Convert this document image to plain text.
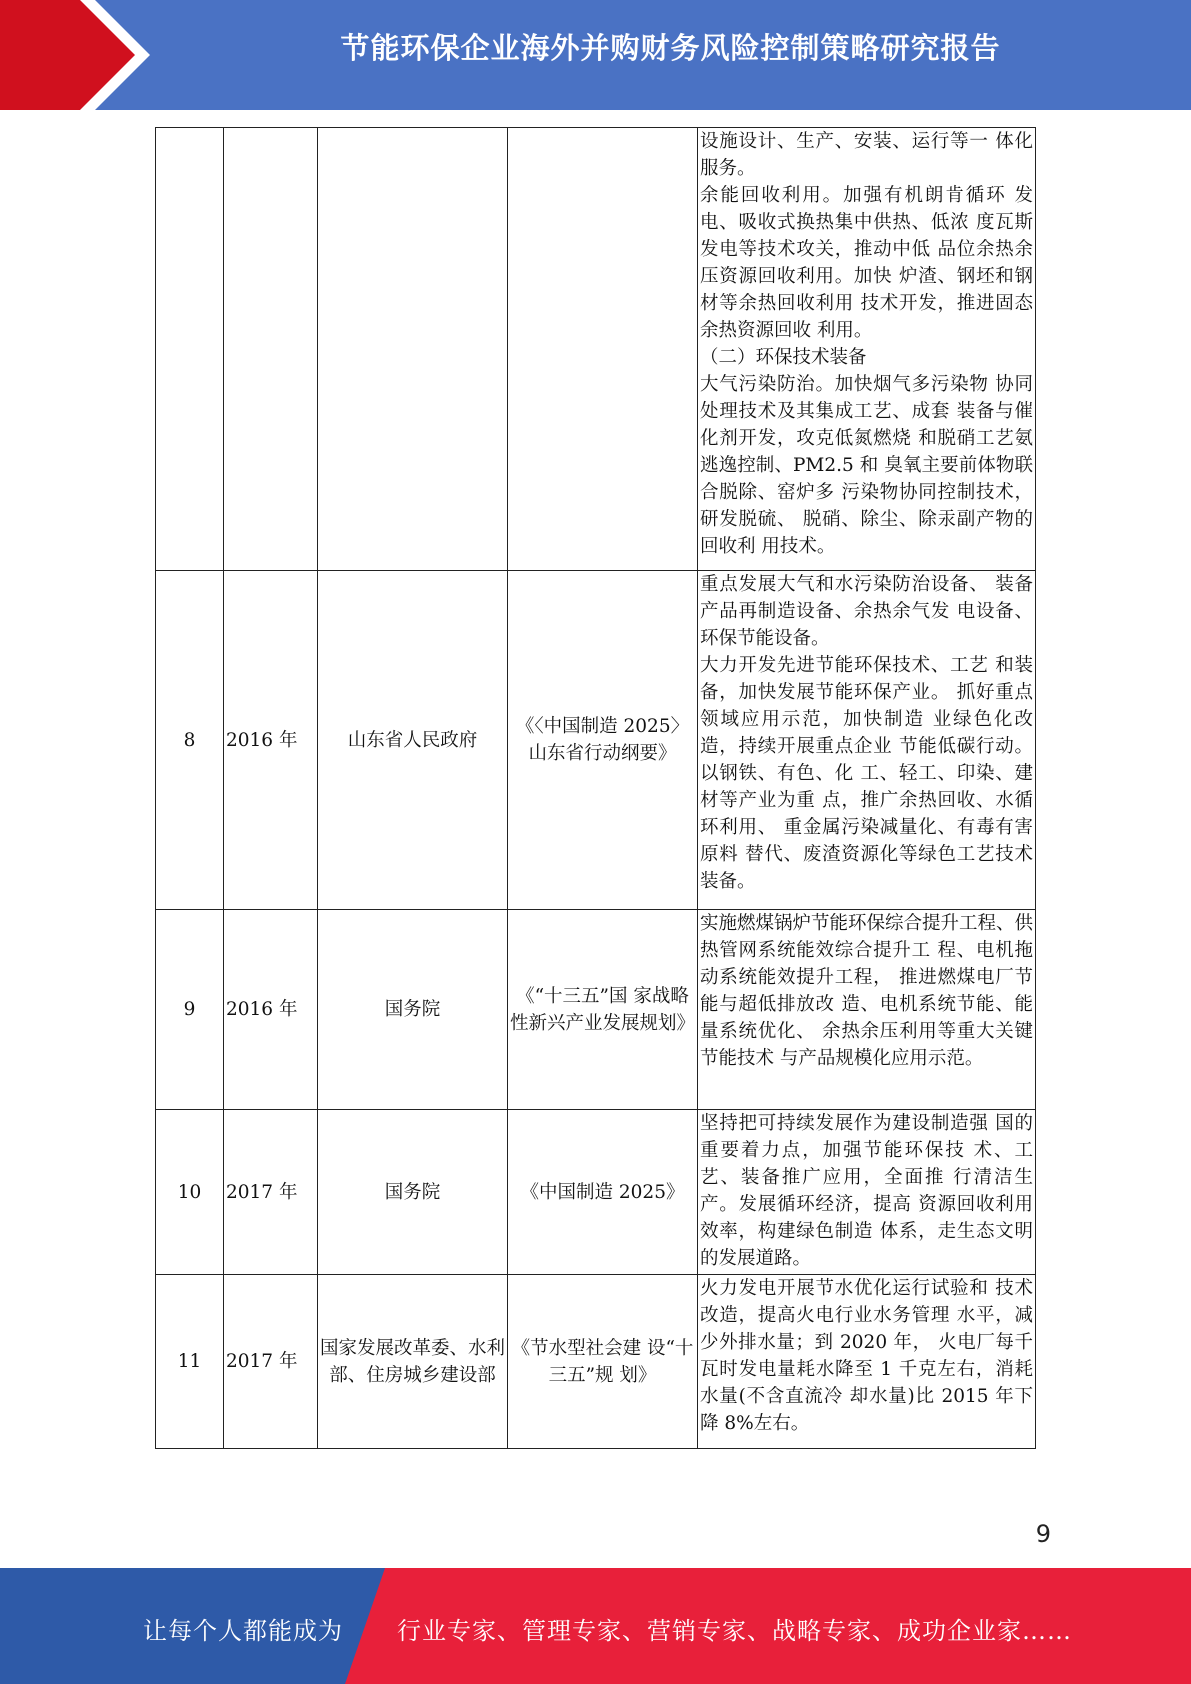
节能环保企业海外并购财务风险控制策略研究报告

				设施设计、生产、安装、运行等一 体化服务。

余能回收利用。加强有机朗肯循环 发电、吸收式换热集中供热、低浓 度瓦斯发电等技术攻关，推动中低 品位余热余压资源回收利用。加快 炉渣、钢坯和钢材等余热回收利用 技术开发，推进固态余热资源回收 利用。

（二）环保技术装备

大气污染防治。加快烟气多污染物 协同处理技术及其集成工艺、成套 装备与催化剂开发，攻克低氮燃烧 和脱硝工艺氨逃逸控制、PM2.5 和 臭氧主要前体物联合脱除、窑炉多 污染物协同控制技术，研发脱硫、 脱硝、除尘、除汞副产物的回收利 用技术。

8	2016 年	山东省人民政府	《〈中国制造 2025〉山东省行动纲要》	重点发展大气和水污染防治设备、 装备产品再制造设备、余热余气发 电设备、环保节能设备。

大力开发先进节能环保技术、工艺 和装备，加快发展节能环保产业。 抓好重点领域应用示范，加快制造 业绿色化改造，持续开展重点企业 节能低碳行动。以钢铁、有色、化 工、轻工、印染、建材等产业为重 点，推广余热回收、水循环利用、 重金属污染减量化、有毒有害原料 替代、废渣资源化等绿色工艺技术 装备。

9	2016 年	国务院	《“十三五”国 家战略性新兴产业发展规划》	实施燃煤锅炉节能环保综合提升工程、供热管网系统能效综合提升工 程、电机拖动系统能效提升工程， 推进燃煤电厂节能与超低排放改 造、电机系统节能、能量系统优化、 余热余压利用等重大关键节能技术 与产品规模化应用示范。

10	2017 年	国务院	《中国制造 2025》	坚持把可持续发展作为建设制造强 国的重要着力点，加强节能环保技 术、工艺、装备推广应用，全面推 行清洁生产。发展循环经济，提高 资源回收利用效率，构建绿色制造 体系，走生态文明的发展道路。

11	2017 年	国家发展改革委、水利部、住房城乡建设部	《节水型社会建 设“十三五”规 划》	火力发电开展节水优化运行试验和 技术改造，提高火电行业水务管理 水平，减少外排水量；到 2020 年， 火电厂每千瓦时发电量耗水降至 1 千克左右，消耗水量(不含直流冷 却水量)比 2015 年下降 8%左右。

9
让每个人都能成为 行业专家、管理专家、营销专家、战略专家、成功企业家……
